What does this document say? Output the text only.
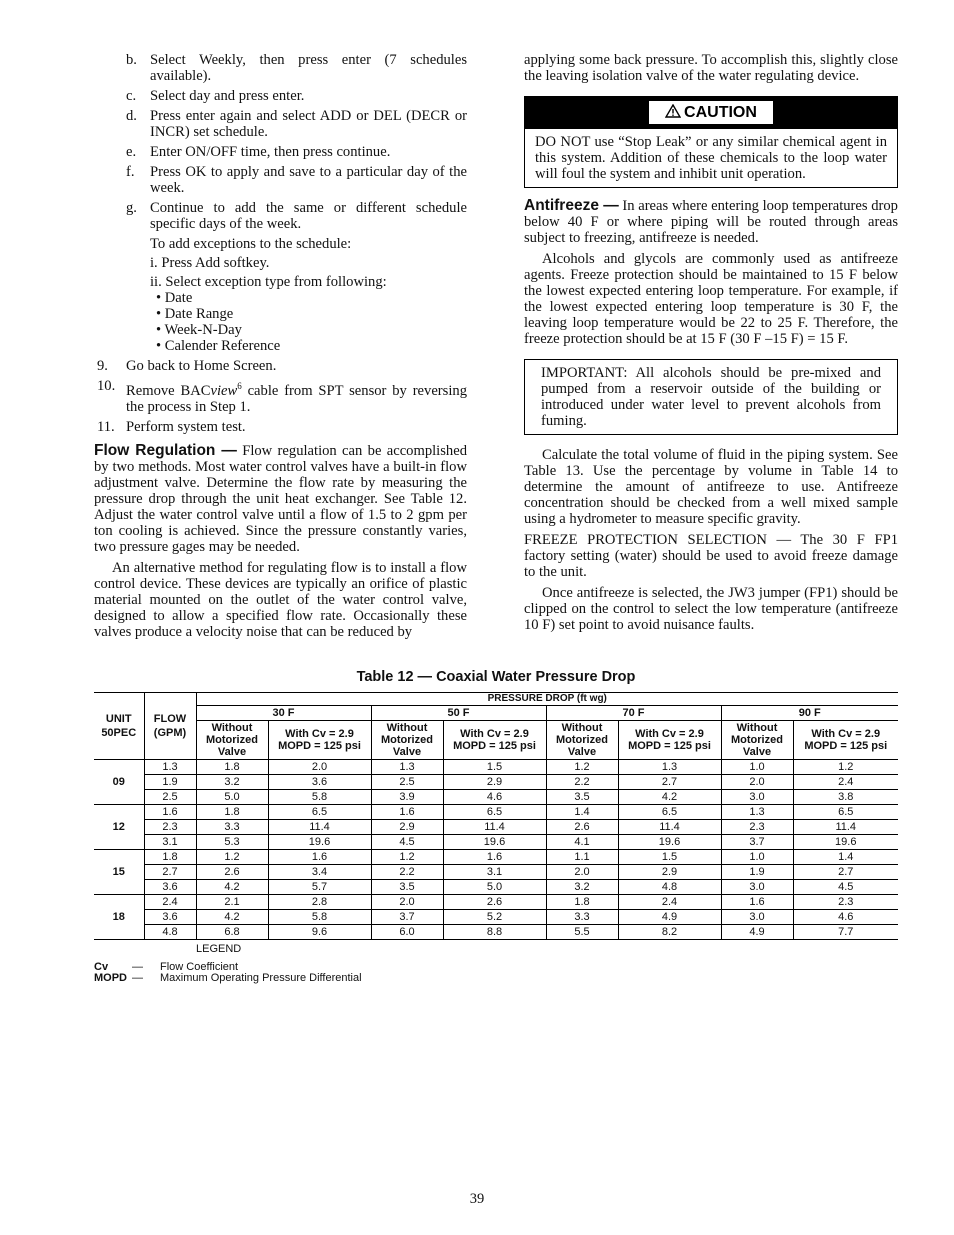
b. Select Weekly, then press enter (7 schedules available).
c. Select day and press enter.
d. Press enter again and select ADD or DEL (DECR or INCR) set schedule.
e. Enter ON/OFF time, then press continue.
f. Press OK to apply and save to a particular day of the week.
g. Continue to add the same or different schedule specific days of the week.

To add exceptions to the schedule:

i. Press Add softkey.

ii. Select exception type from following:

• Date
• Date Range
• Week-N-Day
• Calender Reference
9. Go back to Home Screen.
10. Remove BACview$^6$ cable from SPT sensor by reversing the process in Step 1.
11. Perform system test.

Flow Regulation — Flow regulation can be accomplished by two methods. Most water control valves have a built-in flow adjustment valve. Determine the flow rate by measuring the pressure drop through the unit heat exchanger. See Table 12. Adjust the water control valve until a flow of 1.5 to 2 gpm per ton cooling is achieved. Since the pressure constantly varies, two pressure gages may be needed.

An alternative method for regulating flow is to install a flow control device. These devices are typically an orifice of plastic material mounted on the outlet of the water control valve, designed to allow a specified flow rate. Occasionally these valves produce a velocity noise that can be reduced by

applying some back pressure. To accomplish this, slightly close the leaving isolation valve of the water regulating device.

CAUTION
DO NOT use “Stop Leak” or any similar chemical agent in this system. Addition of these chemicals to the loop water will foul the system and inhibit unit operation.

Antifreeze — In areas where entering loop temperatures drop below 40 F or where piping will be routed through areas subject to freezing, antifreeze is needed.

Alcohols and glycols are commonly used as antifreeze agents. Freeze protection should be maintained to 15 F below the lowest expected entering loop temperature. For example, if the lowest expected entering loop temperature is 30 F, the leaving loop temperature would be 22 to 25 F. Therefore, the freeze protection should be at 15 F (30 F –15 F) = 15 F.

IMPORTANT: All alcohols should be pre-mixed and pumped from a reservoir outside of the building or introduced under water level to prevent alcohols from fuming.

Calculate the total volume of fluid in the piping system. See Table 13. Use the percentage by volume in Table 14 to determine the amount of antifreeze to use. Antifreeze concentration should be checked from a well mixed sample using a hydrometer to measure specific gravity.

FREEZE PROTECTION SELECTION — The 30 F FP1 factory setting (water) should be used to avoid freeze damage to the unit.

Once antifreeze is selected, the JW3 jumper (FP1) should be clipped on the control to select the low temperature (antifreeze 10 F) set point to avoid nuisance faults.

Table 12 — Coaxial Water Pressure Drop
UNIT 50PEC	FLOW (GPM)	PRESSURE DROP (ft wg)							
		30 F		50 F		70 F		90 F	
		Without Motorized Valve	With Cv = 2.9 MOPD = 125 psi	Without Motorized Valve	With Cv = 2.9 MOPD = 125 psi	Without Motorized Valve	With Cv = 2.9 MOPD = 125 psi	Without Motorized Valve	With Cv = 2.9 MOPD = 125 psi
09	1.3	1.8	2.0	1.3	1.5	1.2	1.3	1.0	1.2
	1.9	3.2	3.6	2.5	2.9	2.2	2.7	2.0	2.4
	2.5	5.0	5.8	3.9	4.6	3.5	4.2	3.0	3.8
12	1.6	1.8	6.5	1.6	6.5	1.4	6.5	1.3	6.5
	2.3	3.3	11.4	2.9	11.4	2.6	11.4	2.3	11.4
	3.1	5.3	19.6	4.5	19.6	4.1	19.6	3.7	19.6
15	1.8	1.2	1.6	1.2	1.6	1.1	1.5	1.0	1.4
	2.7	2.6	3.4	2.2	3.1	2.0	2.9	1.9	2.7
	3.6	4.2	5.7	3.5	5.0	3.2	4.8	3.0	4.5
18	2.4	2.1	2.8	2.0	2.6	1.8	2.4	1.6	2.3
	3.6	4.2	5.8	3.7	5.2	3.3	4.9	3.0	4.6
	4.8	6.8	9.6	6.0	8.8	5.5	8.2	4.9	7.7
LEGEND
Cv	—	Flow Coefficient
MOPD —	Maximum Operating Pressure Differential
39
